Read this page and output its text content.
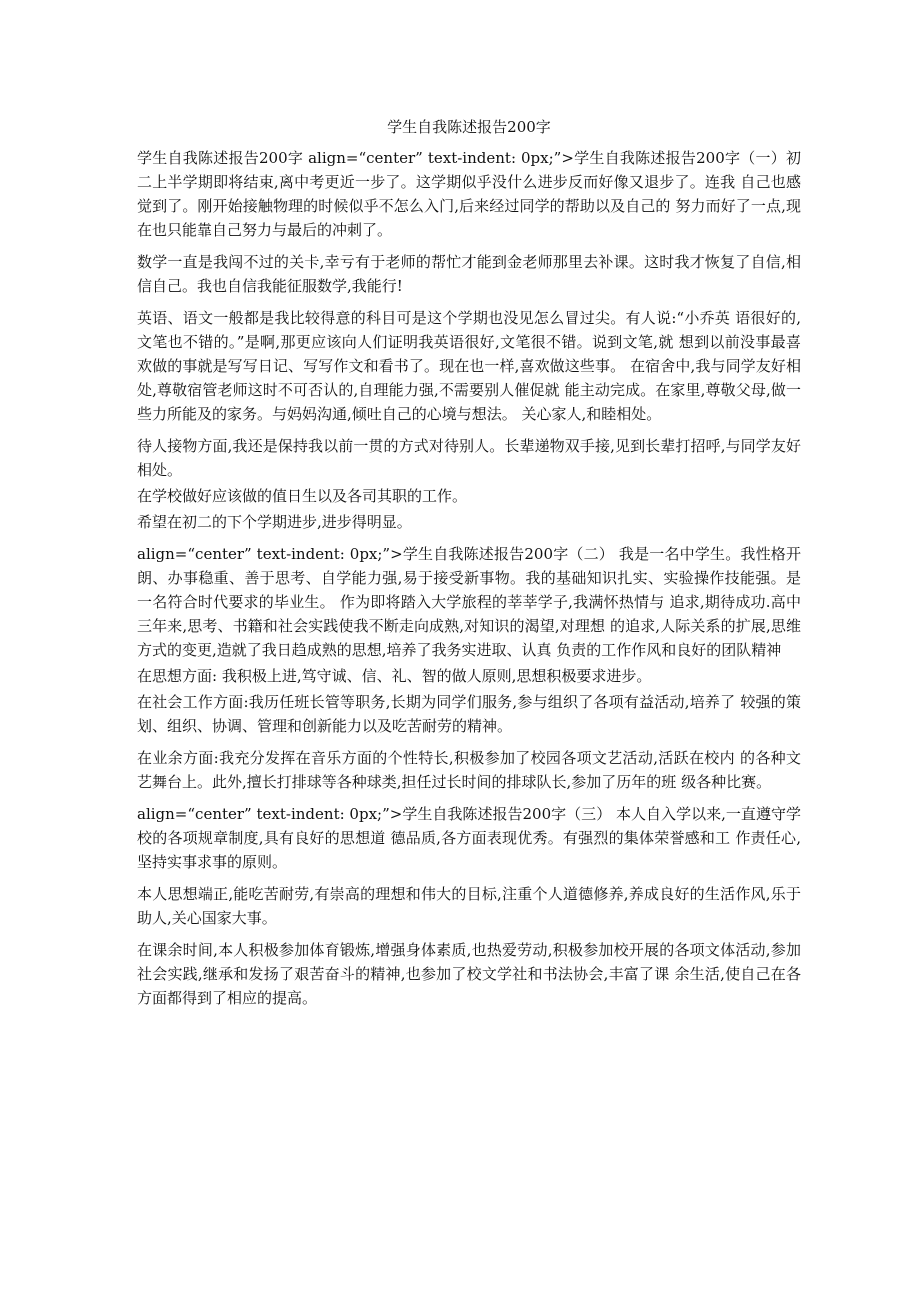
学生自我陈述报告200字

学生自我陈述报告200字 align=“center” text-indent: 0px;”>学生自我陈述报告200字（一）初二上半学期即将结束,离中考更近一步了。这学期似乎没什么进步反而好像又退步了。连我 自己也感觉到了。刚开始接触物理的时候似乎不怎么入门,后来经过同学的帮助以及自己的 努力而好了一点,现在也只能靠自己努力与最后的冲刺了。

数学一直是我闯不过的关卡,幸亏有于老师的帮忙才能到金老师那里去补课。这时我才恢复了自信,相信自己。我也自信我能征服数学,我能行!

英语、语文一般都是我比较得意的科目可是这个学期也没见怎么冒过尖。有人说:“小乔英 语很好的,文笔也不错的。”是啊,那更应该向人们证明我英语很好,文笔很不错。说到文笔,就 想到以前没事最喜欢做的事就是写写日记、写写作文和看书了。现在也一样,喜欢做这些事。 在宿舍中,我与同学友好相处,尊敬宿管老师这时不可否认的,自理能力强,不需要别人催促就 能主动完成。在家里,尊敬父母,做一些力所能及的家务。与妈妈沟通,倾吐自己的心境与想法。 关心家人,和睦相处。

待人接物方面,我还是保持我以前一贯的方式对待别人。长辈递物双手接,见到长辈打招呼,与同学友好相处。

在学校做好应该做的值日生以及各司其职的工作。

希望在初二的下个学期进步,进步得明显。

align=“center” text-indent: 0px;”>学生自我陈述报告200字（二） 我是一名中学生。我性格开朗、办事稳重、善于思考、自学能力强,易于接受新事物。我的基础知识扎实、实验操作技能强。是一名符合时代要求的毕业生。 作为即将踏入大学旅程的莘莘学子,我满怀热情与 追求,期待成功.高中三年来,思考、书籍和社会实践使我不断走向成熟,对知识的渴望,对理想 的追求,人际关系的扩展,思维方式的变更,造就了我日趋成熟的思想,培养了我务实进取、认真 负责的工作作风和良好的团队精神

在思想方面: 我积极上进,笃守诚、信、礼、智的做人原则,思想积极要求进步。

在社会工作方面:我历任班长管等职务,长期为同学们服务,参与组织了各项有益活动,培养了 较强的策划、组织、协调、管理和创新能力以及吃苦耐劳的精神。

在业余方面:我充分发挥在音乐方面的个性特长,积极参加了校园各项文艺活动,活跃在校内 的各种文艺舞台上。此外,擅长打排球等各种球类,担任过长时间的排球队长,参加了历年的班 级各种比赛。

align=“center” text-indent: 0px;”>学生自我陈述报告200字（三） 本人自入学以来,一直遵守学校的各项规章制度,具有良好的思想道 德品质,各方面表现优秀。有强烈的集体荣誉感和工 作责任心,坚持实事求事的原则。

本人思想端正,能吃苦耐劳,有崇高的理想和伟大的目标,注重个人道德修养,养成良好的生活作风,乐于助人,关心国家大事。

在课余时间,本人积极参加体育锻炼,增强身体素质,也热爱劳动,积极参加校开展的各项文体活动,参加社会实践,继承和发扬了艰苦奋斗的精神,也参加了校文学社和书法协会,丰富了课 余生活,使自己在各方面都得到了相应的提高。
